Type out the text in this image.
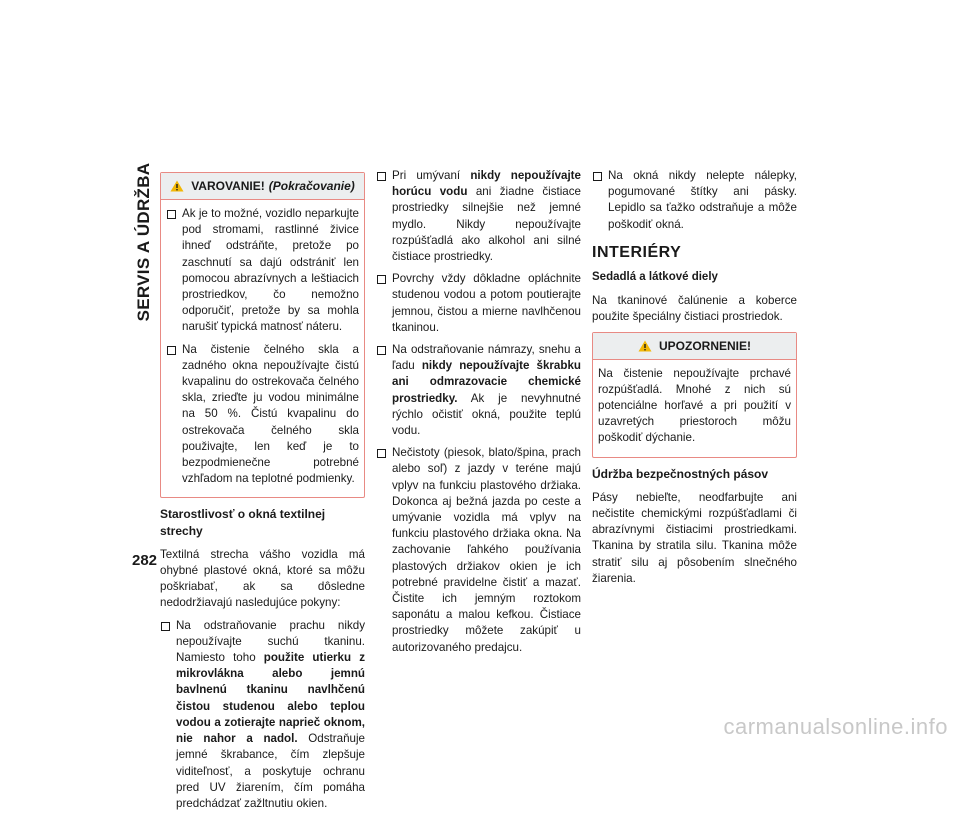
SERVIS A ÚDRŽBA
282
VAROVANIE! (Pokračovanie)
Ak je to možné, vozidlo neparkujte pod stromami, rastlinné živice ihneď odstráňte, pretože po zaschnutí sa dajú odstrániť len pomocou abrazívnych a leštiacich prostriedkov, čo nemožno odporučiť, pretože by sa mohla narušiť typická matnosť náteru.
Na čistenie čelného skla a zadného okna nepoužívajte čistú kvapalinu do ostrekovača čelného skla, zrieďte ju vodou minimálne na 50 %. Čistú kvapalinu do ostrekovača čelného skla použivajte, len keď je to bezpodmienečne potrebné vzhľadom na teplotné podmienky.
Starostlivosť o okná textilnej strechy

Textilná strecha vášho vozidla má ohybné plastové okná, ktoré sa môžu poškriabať, ak sa dôsledne nedodržiavajú nasledujúce pokyny:

Na odstraňovanie prachu nikdy nepoužívajte suchú tkaninu. Namiesto toho použite utierku z mikrovlákna alebo jemnú bavlnenú tkaninu navlhčenú čistou studenou alebo teplou vodou a zotierajte naprieč oknom, nie nahor a nadol. Odstraňuje jemné škrabance, čím zlepšuje viditeľnosť, a poskytuje ochranu pred UV žiarením, čím pomáha predchádzať zažltnutiu okien.
Pri umývaní nikdy nepoužívajte horúcu vodu ani žiadne čistiace prostriedky silnejšie než jemné mydlo. Nikdy nepoužívajte rozpúšťadlá ako alkohol ani silné čistiace prostriedky.
Povrchy vždy dôkladne opláchnite studenou vodou a potom poutierajte jemnou, čistou a mierne navlhčenou tkaninou.
Na odstraňovanie námrazy, snehu a ľadu nikdy nepoužívajte škrabku ani odmrazovacie chemické prostriedky. Ak je nevyhnutné rýchlo očistiť okná, použite teplú vodu.
Nečistoty (piesok, blato/špina, prach alebo soľ) z jazdy v teréne majú vplyv na funkciu plastového držiaka. Dokonca aj bežná jazda po ceste a umývanie vozidla má vplyv na funkciu plastového držiaka okna. Na zachovanie ľahkého používania plastových držiakov okien je ich potrebné pravidelne čistiť a mazať. Čistite ich jemným roztokom saponátu a malou kefkou. Čistiace prostriedky môžete zakúpiť u autorizovaného predajcu.
Na okná nikdy nelepte nálepky, pogumované štítky ani pásky. Lepidlo sa ťažko odstraňuje a môže poškodiť okná.
INTERIÉRY
Sedadlá a látkové diely

Na tkaninové čalúnenie a koberce použite špeciálny čistiaci prostriedok.

UPOZORNENIE!

Na čistenie nepoužívajte prchavé rozpúšťadlá. Mnohé z nich sú potenciálne horľavé a pri použití v uzavretých priestoroch môžu poškodiť dýchanie.

Údržba bezpečnostných pásov

Pásy nebieľte, neodfarbujte ani nečistite chemickými rozpúšťadlami či abrazívnymi čistiacimi prostriedkami. Tkanina by stratila silu. Tkanina môže stratiť silu aj pôsobením slnečného žiarenia.

carmanualsonline.info
